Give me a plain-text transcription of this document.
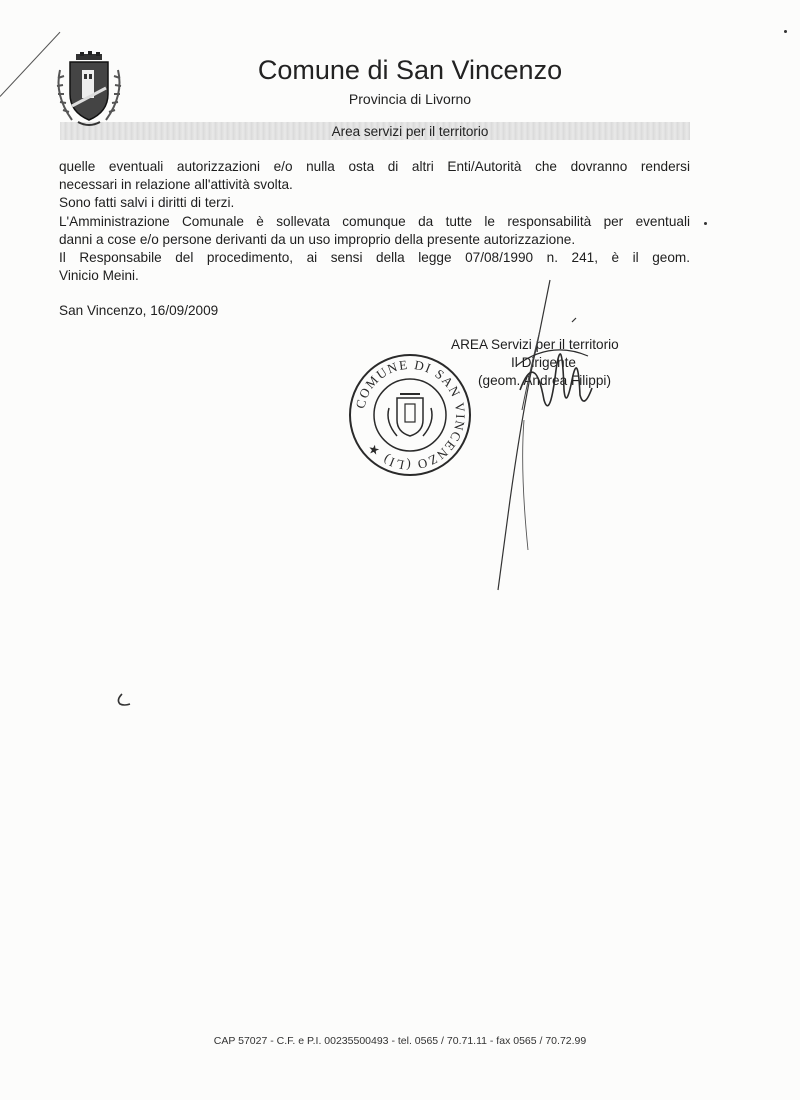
Comune di San Vincenzo
Provincia di Livorno
Area servizi per il territorio

quelle eventuali autorizzazioni e/o nulla osta di altri Enti/Autorità che dovranno rendersi

necessari in relazione all'attività svolta.

Sono fatti salvi i diritti di terzi.

L'Amministrazione Comunale è sollevata comunque da tutte le responsabilità per eventuali

danni a cose e/o persone derivanti da un uso improprio della presente autorizzazione.

Il Responsabile del procedimento, ai sensi della legge 07/08/1990 n. 241, è il geom.

Vinicio Meini.

San Vincenzo, 16/09/2009
AREA Servizi per il territorio
Il Dirigente
(geom. Andrea Filippi)
COMUNE DI SAN VINCENZO (LI) ★
CAP 57027 - C.F. e P.I. 00235500493 - tel. 0565 / 70.71.11 - fax 0565 / 70.72.99
